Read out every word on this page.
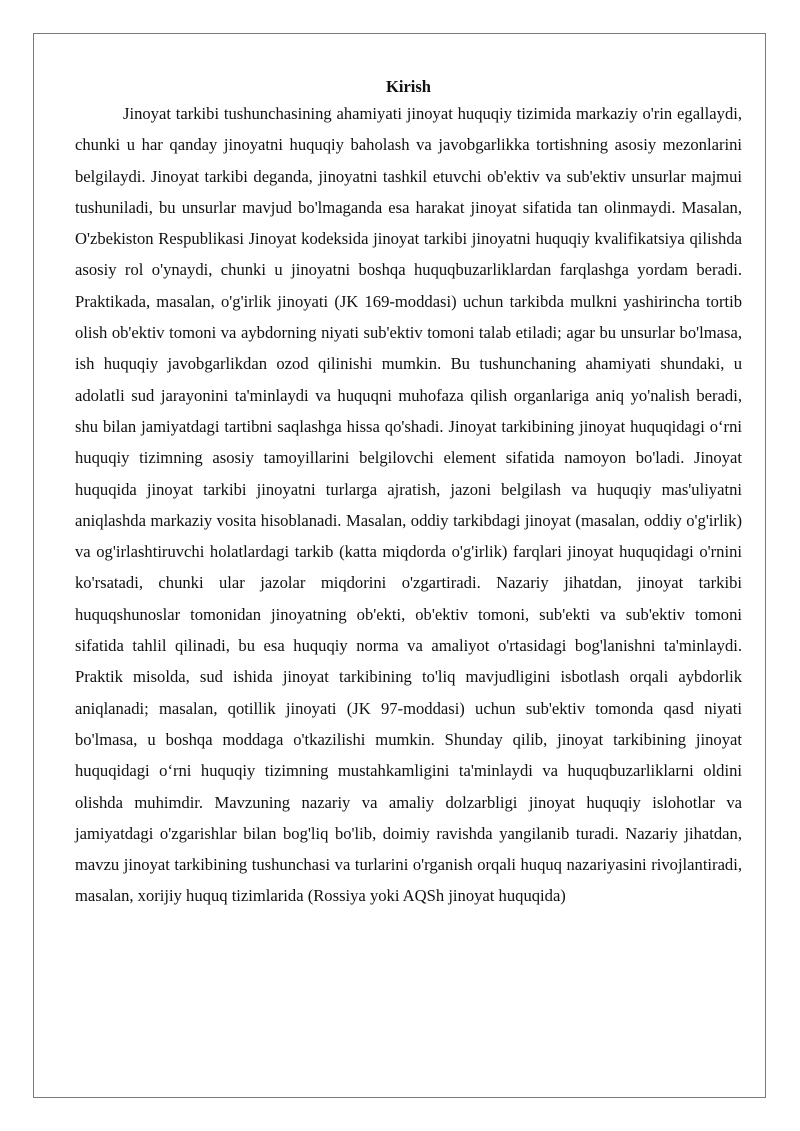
Kirish

Jinoyat tarkibi tushunchasining ahamiyati jinoyat huquqiy tizimida markaziy o'rin egallaydi, chunki u har qanday jinoyatni huquqiy baholash va javobgarlikka tortishning asosiy mezonlarini belgilaydi. Jinoyat tarkibi deganda, jinoyatni tashkil etuvchi ob'ektiv va sub'ektiv unsurlar majmui tushuniladi, bu unsurlar mavjud bo'lmaganda esa harakat jinoyat sifatida tan olinmaydi. Masalan, O'zbekiston Respublikasi Jinoyat kodeksida jinoyat tarkibi jinoyatni huquqiy kvalifikatsiya qilishda asosiy rol o'ynaydi, chunki u jinoyatni boshqa huquqbuzarliklardan farqlashga yordam beradi. Praktikada, masalan, o'g'irlik jinoyati (JK 169-moddasi) uchun tarkibda mulkni yashirincha tortib olish ob'ektiv tomoni va aybdorning niyati sub'ektiv tomoni talab etiladi; agar bu unsurlar bo'lmasa, ish huquqiy javobgarlikdan ozod qilinishi mumkin. Bu tushunchaning ahamiyati shundaki, u adolatli sud jarayonini ta'minlaydi va huquqni muhofaza qilish organlariga aniq yo'nalish beradi, shu bilan jamiyatdagi tartibni saqlashga hissa qo'shadi. Jinoyat tarkibining jinoyat huquqidagi o‘rni huquqiy tizimning asosiy tamoyillarini belgilovchi element sifatida namoyon bo'ladi. Jinoyat huquqida jinoyat tarkibi jinoyatni turlarga ajratish, jazoni belgilash va huquqiy mas'uliyatni aniqlashda markaziy vosita hisoblanadi. Masalan, oddiy tarkibdagi jinoyat (masalan, oddiy o'g'irlik) va og'irlashtiruvchi holatlardagi tarkib (katta miqdorda o'g'irlik) farqlari jinoyat huquqidagi o'rnini ko'rsatadi, chunki ular jazolar miqdorini o'zgartiradi. Nazariy jihatdan, jinoyat tarkibi huquqshunoslar tomonidan jinoyatning ob'ekti, ob'ektiv tomoni, sub'ekti va sub'ektiv tomoni sifatida tahlil qilinadi, bu esa huquqiy norma va amaliyot o'rtasidagi bog'lanishni ta'minlaydi. Praktik misolda, sud ishida jinoyat tarkibining to'liq mavjudligini isbotlash orqali aybdorlik aniqlanadi; masalan, qotillik jinoyati (JK 97-moddasi) uchun sub'ektiv tomonda qasd niyati bo'lmasa, u boshqa moddaga o'tkazilishi mumkin. Shunday qilib, jinoyat tarkibining jinoyat huquqidagi o‘rni huquqiy tizimning mustahkamligini ta'minlaydi va huquqbuzarliklarni oldini olishda muhimdir. Mavzuning nazariy va amaliy dolzarbligi jinoyat huquqiy islohotlar va jamiyatdagi o'zgarishlar bilan bog'liq bo'lib, doimiy ravishda yangilanib turadi. Nazariy jihatdan, mavzu jinoyat tarkibining tushunchasi va turlarini o'rganish orqali huquq nazariyasini rivojlantiradi, masalan, xorijiy huquq tizimlarida (Rossiya yoki AQSh jinoyat huquqida)
